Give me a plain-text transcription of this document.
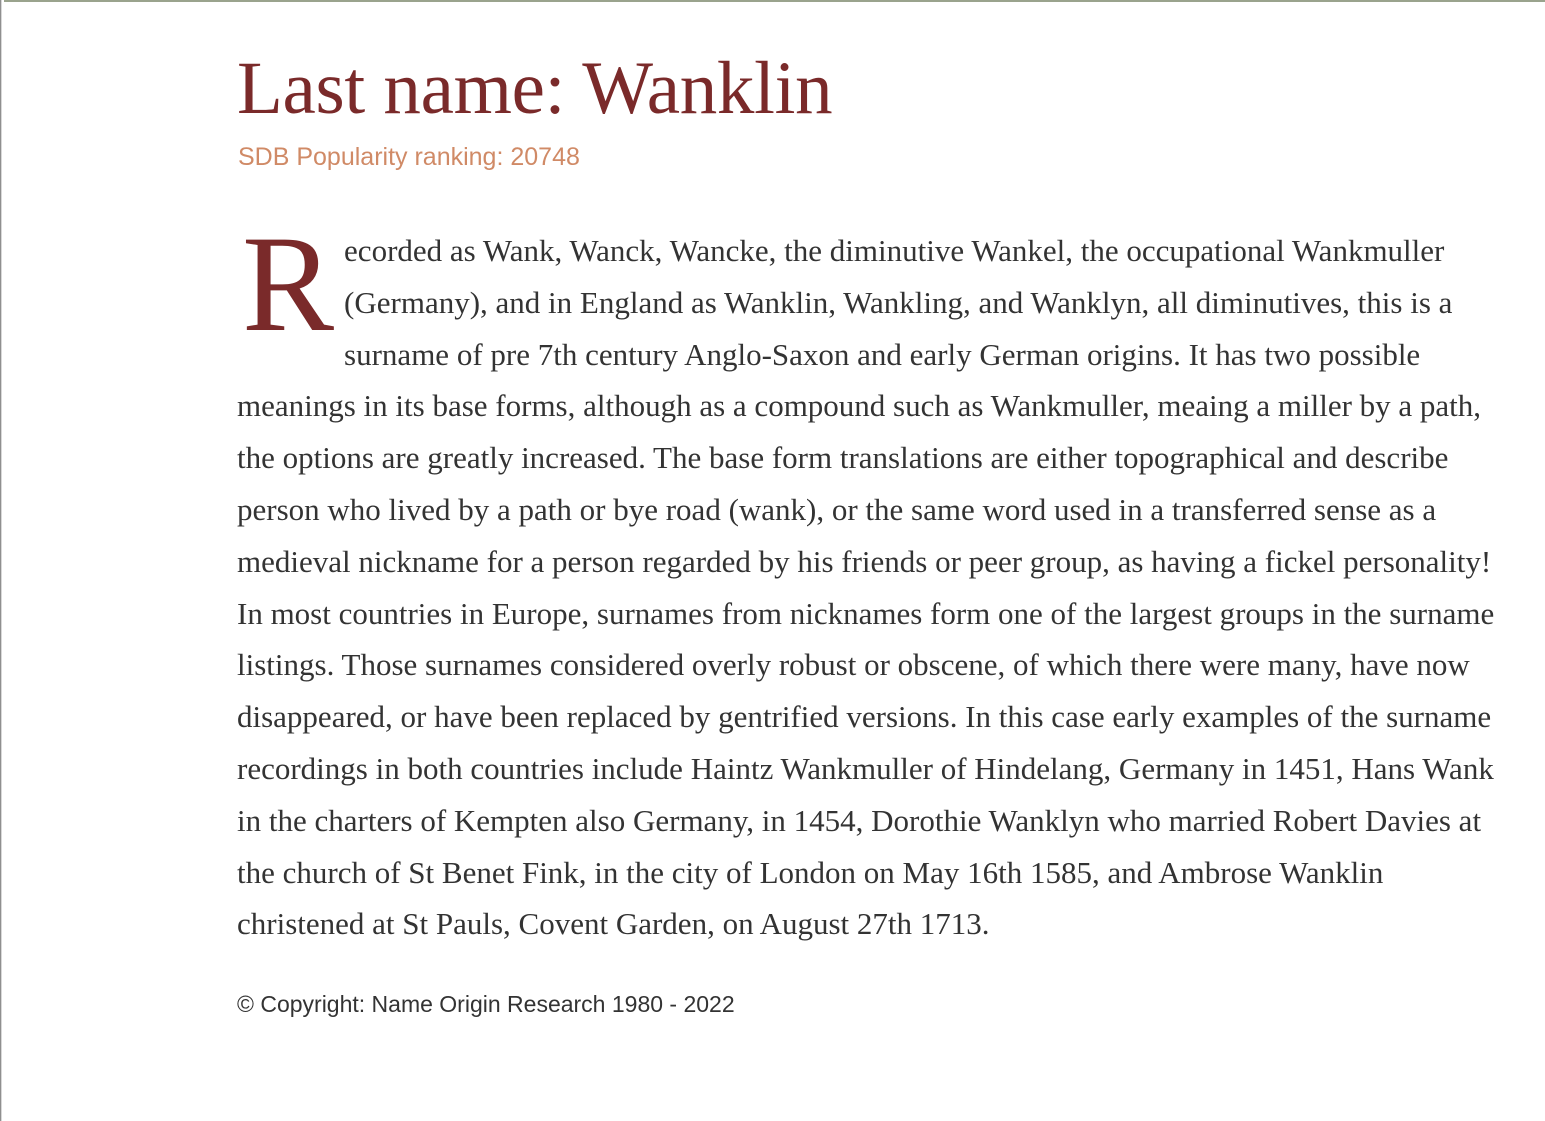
Last name: Wanklin
SDB Popularity ranking: 20748
R ecorded as Wank, Wanck, Wancke, the diminutive Wankel, the occupational Wankmuller (Germany), and in England as Wanklin, Wankling, and Wanklyn, all diminutives, this is a surname of pre 7th century Anglo-Saxon and early German origins. It has two possible meanings in its base forms, although as a compound such as Wankmuller, meaing a miller by a path, the options are greatly increased. The base form translations are either topographical and describe person who lived by a path or bye road (wank), or the same word used in a transferred sense as a medieval nickname for a person regarded by his friends or peer group, as having a fickel personality! In most countries in Europe, surnames from nicknames form one of the largest groups in the surname listings. Those surnames considered overly robust or obscene, of which there were many, have now disappeared, or have been replaced by gentrified versions. In this case early examples of the surname recordings in both countries include Haintz Wankmuller of Hindelang, Germany in 1451, Hans Wank in the charters of Kempten also Germany, in 1454, Dorothie Wanklyn who married Robert Davies at the church of St Benet Fink, in the city of London on May 16th 1585, and Ambrose Wanklin christened at St Pauls, Covent Garden, on August 27th 1713.
© Copyright: Name Origin Research 1980 - 2022
